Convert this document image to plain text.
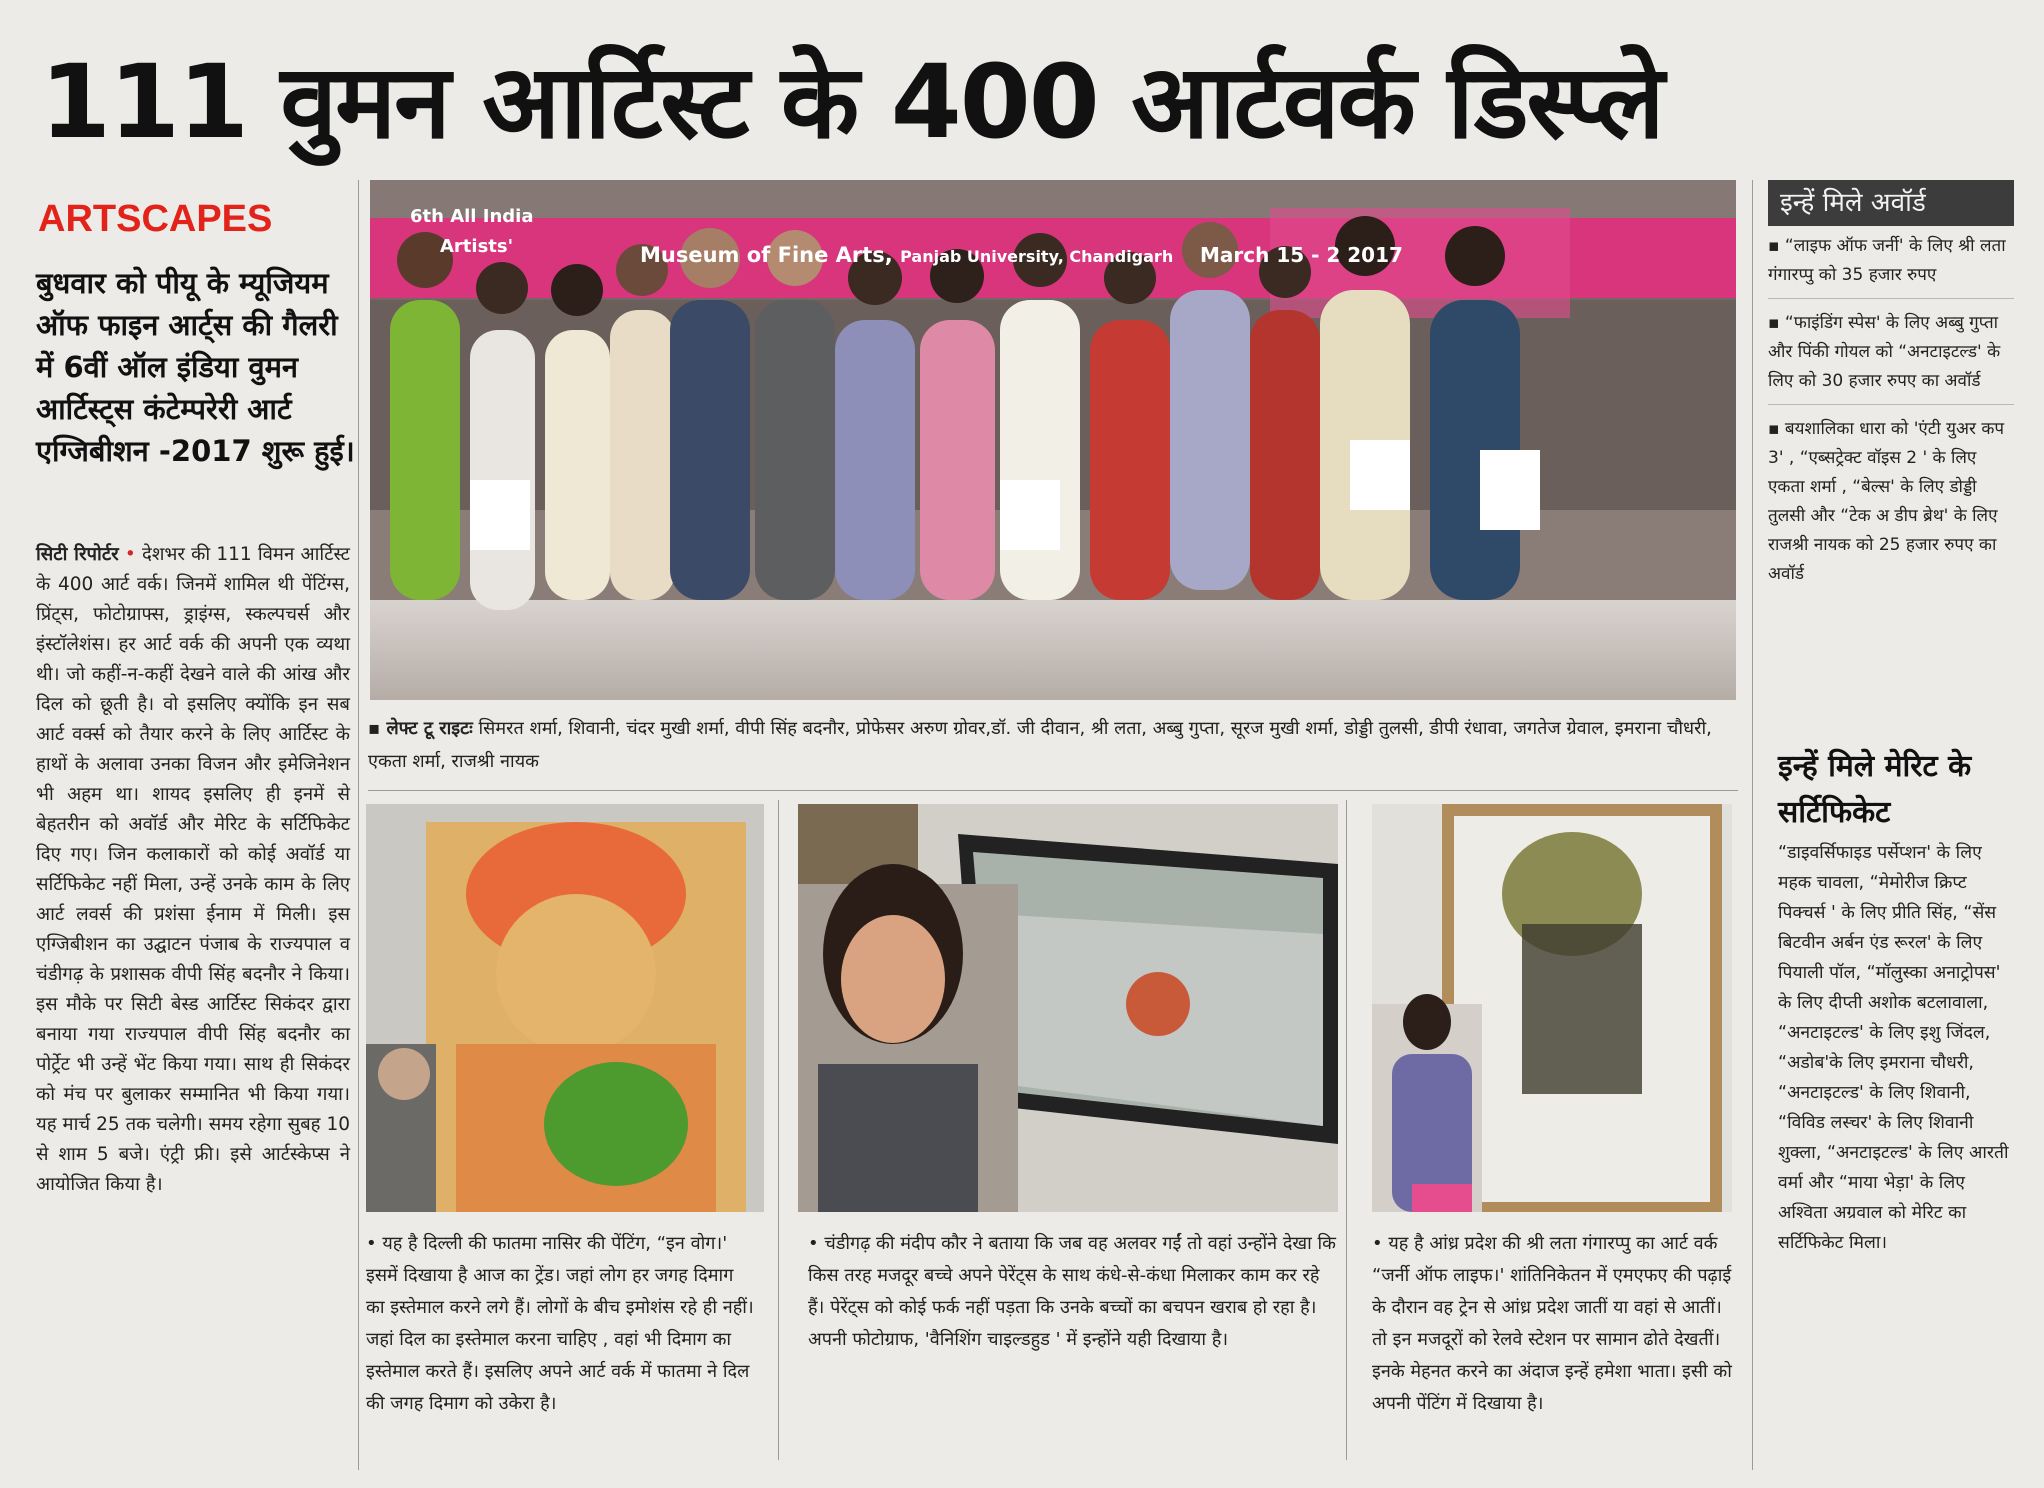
111 वुमन आर्टिस्ट के 400 आर्टवर्क डिस्प्ले
ARTSCAPES
बुधवार को पीयू के म्यूजियम ऑफ फाइन आर्ट्स की गैलरी में 6वीं ऑल इंडिया वुमन आर्टिस्ट्स कंटेम्परेरी आर्ट एग्जिबीशन -2017 शुरू हुई।
सिटी रिपोर्टर • देशभर की 111 विमन आर्टिस्ट के 400 आर्ट वर्क। जिनमें शामिल थी पेंटिंग्स, प्रिंट्स, फोटोग्राफ्स, ड्राइंग्स, स्कल्पचर्स और इंस्टॉलेशंस। हर आर्ट वर्क की अपनी एक व्यथा थी। जो कहीं-न-कहीं देखने वाले की आंख और दिल को छूती है। वो इसलिए क्योंकि इन सब आर्ट वर्क्स को तैयार करने के लिए आर्टिस्ट के हाथों के अलावा उनका विजन और इमेजिनेशन भी अहम था। शायद इसलिए ही इनमें से बेहतरीन को अवॉर्ड और मेरिट के सर्टिफिकेट दिए गए। जिन कलाकारों को कोई अवॉर्ड या सर्टिफिकेट नहीं मिला, उन्हें उनके काम के लिए आर्ट लवर्स की प्रशंसा ईनाम में मिली। इस एग्जिबीशन का उद्घाटन पंजाब के राज्यपाल व चंडीगढ़ के प्रशासक वीपी सिंह बदनौर ने किया। इस मौके पर सिटी बेस्ड आर्टिस्ट सिकंदर द्वारा बनाया गया राज्यपाल वीपी सिंह बदनौर का पोर्ट्रेट भी उन्हें भेंट किया गया। साथ ही सिकंदर को मंच पर बुलाकर सम्मानित भी किया गया। यह मार्च 25 तक चलेगी। समय रहेगा सुबह 10 से शाम 5 बजे। एंट्री फ्री। इसे आर्टस्केप्स ने आयोजित किया है।
6th All India
Artists'	Museum of Fine Arts, Panjab University, Chandigarh March 15 - 2 2017
▪ लेफ्ट टू राइटः सिमरत शर्मा, शिवानी, चंदर मुखी शर्मा, वीपी सिंह बदनौर, प्रोफेसर अरुण ग्रोवर,डॉ. जी दीवान, श्री लता, अब्बु गुप्ता, सूरज मुखी शर्मा, डोड्डी तुलसी, डीपी रंधावा, जगतेज ग्रेवाल, इमराना चौधरी, एकता शर्मा, राजश्री नायक
• यह है दिल्ली की फातमा नासिर की पेंटिंग, “इन वोग।' इसमें दिखाया है आज का ट्रेंड। जहां लोग हर जगह दिमाग का इस्तेमाल करने लगे हैं। लोगों के बीच इमोशंस रहे ही नहीं। जहां दिल का इस्तेमाल करना चाहिए , वहां भी दिमाग का इस्तेमाल करते हैं। इसलिए अपने आर्ट वर्क में फातमा ने दिल की जगह दिमाग को उकेरा है।
• चंडीगढ़ की मंदीप कौर ने बताया कि जब वह अलवर गईं तो वहां उन्होंने देखा कि किस तरह मजदूर बच्चे अपने पेरेंट्स के साथ कंधे-से-कंधा मिलाकर काम कर रहे हैं। पेरेंट्स को कोई फर्क नहीं पड़ता कि उनके बच्चों का बचपन खराब हो रहा है। अपनी फोटोग्राफ, 'वैनिशिंग चाइल्डहुड ' में इन्होंने यही दिखाया है।
• यह है आंध्र प्रदेश की श्री लता गंगारप्पु का आर्ट वर्क “जर्नी ऑफ लाइफ।' शांतिनिकेतन में एमएफए की पढ़ाई के दौरान वह ट्रेन से आंध्र प्रदेश जातीं या वहां से आतीं। तो इन मजदूरों को रेलवे स्टेशन पर सामान ढोते देखतीं। इनके मेहनत करने का अंदाज इन्हें हमेशा भाता। इसी को अपनी पेंटिंग में दिखाया है।
इन्हें मिले अवॉर्ड
▪ “लाइफ ऑफ जर्नी' के लिए श्री लता गंगारप्पु को 35 हजार रुपए
▪ “फाइंडिंग स्पेस' के लिए अब्बु गुप्ता और पिंकी गोयल को “अनटाइटल्ड' के लिए को 30 हजार रुपए का अवॉर्ड
▪ बयशालिका धारा को 'एंटी युअर कप 3' , “एब्सट्रेक्ट वॉइस 2 ' के लिए एकता शर्मा , “बेल्स' के लिए डोड्डी तुलसी और “टेक अ डीप ब्रेथ' के लिए राजश्री नायक को 25 हजार रुपए का अवॉर्ड
इन्हें मिले मेरिट के सर्टिफिकेट
“डाइवर्सिफाइड पर्सेप्शन' के लिए महक चावला, “मेमोरीज क्रिप्ट पिक्चर्स ' के लिए प्रीति सिंह, “सेंस बिटवीन अर्बन एंड रूरल' के लिए पियाली पॉल, “मॉलुस्का अनाट्रोपस' के लिए दीप्ती अशोक बटलावाला, “अनटाइटल्ड' के लिए इशु जिंदल, “अडोब'के लिए इमराना चौधरी, “अनटाइटल्ड' के लिए शिवानी, “विविड लस्चर' के लिए शिवानी शुक्ला, “अनटाइटल्ड' के लिए आरती वर्मा और “माया भेड़ा' के लिए अश्विता अग्रवाल को मेरिट का सर्टिफिकेट मिला।
